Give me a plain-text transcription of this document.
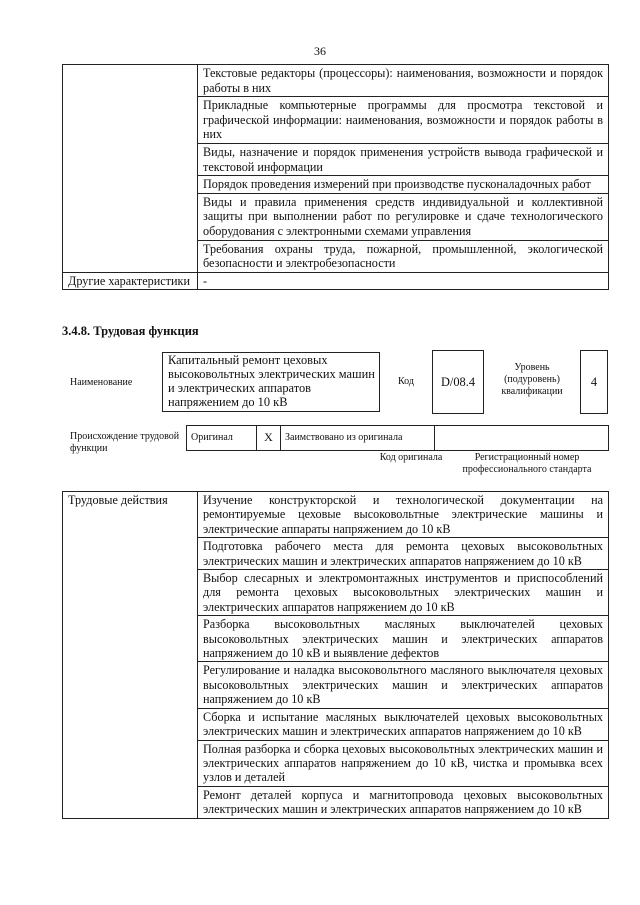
36
	Текстовые редакторы (процессоры): наименования, возможности и порядок работы в них
	Прикладные компьютерные программы для просмотра текстовой и графической информации: наименования, возможности и порядок работы в них
	Виды, назначение и порядок применения устройств вывода графической и текстовой информации
	Порядок проведения измерений при производстве пусконаладочных работ
	Виды и правила применения средств индивидуальной и коллективной защиты при выполнении работ по регулировке и сдаче технологического оборудования с электронными схемами управления
	Требования охраны труда, пожарной, промышленной, экологической безопасности и электробезопасности
Другие характеристики	-
3.4.8. Трудовая функция
Наименование
Капитальный ремонт цеховых высоковольтных электрических машин и электрических аппаратов напряжением до 10 кВ
Код	D/08.4
Уровень (подуровень) квалификации
4
Происхождение трудовой функции
Оригинал	X	Заимствовано из оригинала	
Код оригинала	Регистрационный номер профессионального стандарта
Трудовые действия	Изучение конструкторской и технологической документации на ремонтируемые цеховые высоковольтные электрические машины и электрические аппараты напряжением до 10 кВ
Подготовка рабочего места для ремонта цеховых высоковольтных электрических машин и электрических аппаратов напряжением до 10 кВ
Выбор слесарных и электромонтажных инструментов и приспособлений для ремонта цеховых высоковольтных электрических машин и электрических аппаратов напряжением до 10 кВ
Разборка высоковольтных масляных выключателей цеховых высоковольтных электрических машин и электрических аппаратов напряжением до 10 кВ и выявление дефектов
Регулирование и наладка высоковольтного масляного выключателя цеховых высоковольтных электрических машин и электрических аппаратов напряжением до 10 кВ
Сборка и испытание масляных выключателей цеховых высоковольтных электрических машин и электрических аппаратов напряжением до 10 кВ
Полная разборка и сборка цеховых высоковольтных электрических машин и электрических аппаратов напряжением до 10 кВ, чистка и промывка всех узлов и деталей
Ремонт деталей корпуса и магнитопровода цеховых высоковольтных электрических машин и электрических аппаратов напряжением до 10 кВ
